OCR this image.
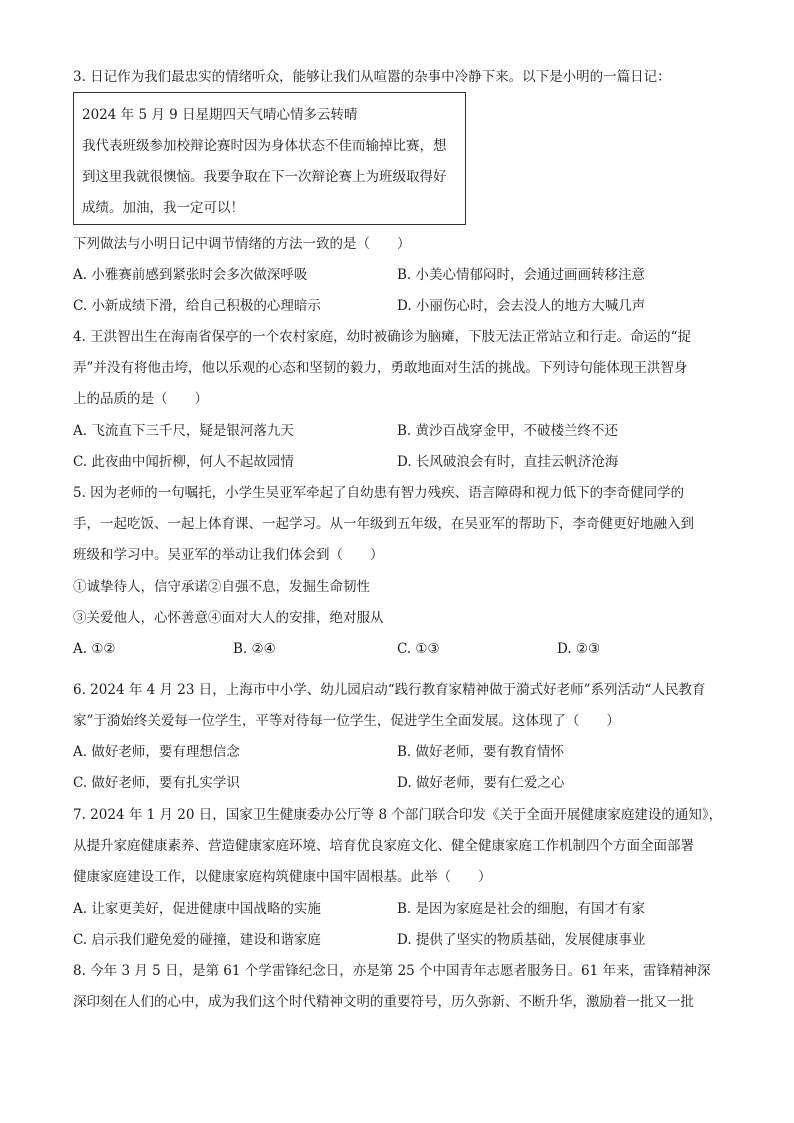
3. 日记作为我们最忠实的情绪听众，能够让我们从喧嚣的杂事中冷静下来。以下是小明的一篇日记：
2024 年 5 月 9 日星期四天气晴心情多云转晴
我代表班级参加校辩论赛时因为身体状态不佳而输掉比赛，想
到这里我就很懊恼。我要争取在下一次辩论赛上为班级取得好
成绩。加油，我一定可以！
下列做法与小明日记中调节情绪的方法一致的是（　　）
A. 小雅赛前感到紧张时会多次做深呼吸	B. 小美心情郁闷时，会通过画画转移注意
C. 小新成绩下滑，给自己积极的心理暗示	D. 小丽伤心时，会去没人的地方大喊几声
4. 王洪智出生在海南省保亭的一个农村家庭，幼时被确诊为脑瘫，下肢无法正常站立和行走。命运的“捉
弄”并没有将他击垮，他以乐观的心态和坚韧的毅力，勇敢地面对生活的挑战。下列诗句能体现王洪智身
上的品质的是（　　）
A. 飞流直下三千尺，疑是银河落九天	B. 黄沙百战穿金甲，不破楼兰终不还
C. 此夜曲中闻折柳，何人不起故园情	D. 长风破浪会有时，直挂云帆济沧海
5. 因为老师的一句嘱托，小学生吴亚军牵起了自幼患有智力残疾、语言障碍和视力低下的李奇健同学的
手，一起吃饭、一起上体育课、一起学习。从一年级到五年级，在吴亚军的帮助下，李奇健更好地融入到
班级和学习中。吴亚军的举动让我们体会到（　　）
①诚挚待人，信守承诺②自强不息，发掘生命韧性
③关爱他人，心怀善意④面对大人的安排，绝对服从
A. ①②	B. ②④	C. ①③	D. ②③
6. 2024 年 4 月 23 日，上海市中小学、幼儿园启动“践行教育家精神做于漪式好老师”系列活动“人民教育
家”于漪始终关爱每一位学生，平等对待每一位学生，促进学生全面发展。这体现了（　　）
A. 做好老师，要有理想信念	B. 做好老师，要有教育情怀
C. 做好老师，要有扎实学识	D. 做好老师，要有仁爱之心
7. 2024 年 1 月 20 日，国家卫生健康委办公厅等 8 个部门联合印发《关于全面开展健康家庭建设的通知》，
从提升家庭健康素养、营造健康家庭环境、培育优良家庭文化、健全健康家庭工作机制四个方面全面部署
健康家庭建设工作，以健康家庭构筑健康中国牢固根基。此举（　　）
A. 让家更美好，促进健康中国战略的实施	B. 是因为家庭是社会的细胞，有国才有家
C. 启示我们避免爱的碰撞，建设和谐家庭	D. 提供了坚实的物质基础，发展健康事业
8. 今年 3 月 5 日，是第 61 个学雷锋纪念日，亦是第 25 个中国青年志愿者服务日。61 年来，雷锋精神深
深印刻在人们的心中，成为我们这个时代精神文明的重要符号，历久弥新、不断升华，激励着一批又一批
